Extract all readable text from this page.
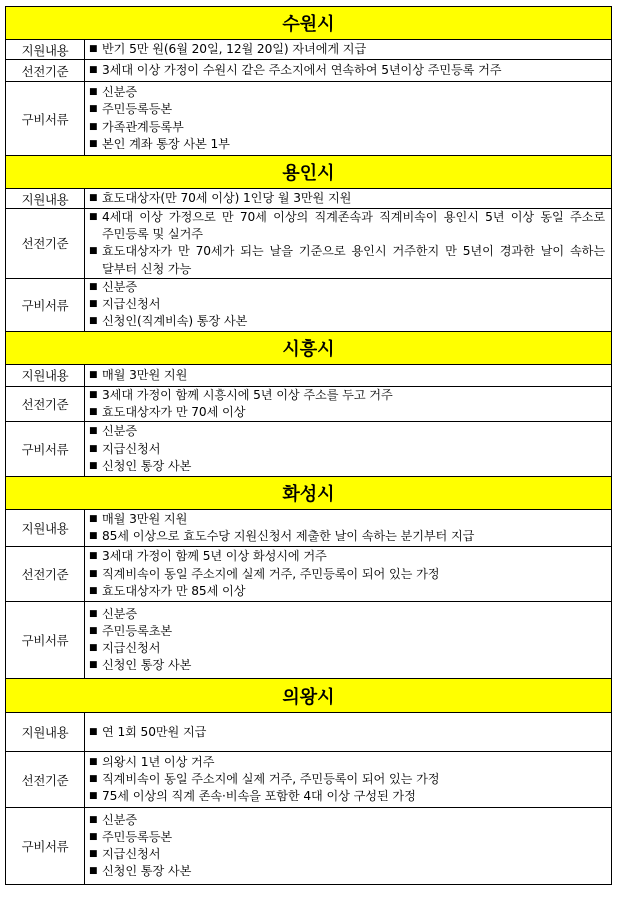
수원시	
지원내용	■ 반기 5만 원(6월 20일, 12월 20일) 자녀에게 지급

선전기준	■ 3세대 이상 가정이 수원시 같은 주소지에서 연속하여 5년이상 주민등록 거주

구비서류	■ 신분증
■ 주민등록등본
■ 가족관계등록부
■ 본인 계좌 통장 사본 1부

용인시	
지원내용	■ 효도대상자(만 70세 이상) 1인당 월 3만원 지원

선전기준	■ 4세대 이상 가정으로 만 70세 이상의 직계존속과 직계비속이 용인시 5년 이상 동일 주소로 주민등록 및 실거주
■ 효도대상자가 만 70세가 되는 날을 기준으로 용인시 거주한지 만 5년이 경과한 날이 속하는 달부터 신청 가능

구비서류	■ 신분증
■ 지급신청서
■ 신청인(직계비속) 통장 사본

시흥시	
지원내용	■ 매월 3만원 지원

선전기준	■ 3세대 가정이 함께 시흥시에 5년 이상 주소를 두고 거주
■ 효도대상자가 만 70세 이상

구비서류	■ 신분증
■ 지급신청서
■ 신청인 통장 사본

화성시	
지원내용	■ 매월 3만원 지원
■ 85세 이상으로 효도수당 지원신청서 제출한 날이 속하는 분기부터 지급

선전기준	■ 3세대 가정이 함께 5년 이상 화성시에 거주
■ 직계비속이 동일 주소지에 실제 거주, 주민등록이 되어 있는 가정
■ 효도대상자가 만 85세 이상

구비서류	■ 신분증
■ 주민등록초본
■ 지급신청서
■ 신청인 통장 사본

의왕시	
지원내용	■ 연 1회 50만원 지급

선전기준	■ 의왕시 1년 이상 거주
■ 직계비속이 동일 주소지에 실제 거주, 주민등록이 되어 있는 가정
■ 75세 이상의 직계 존속·비속을 포함한 4대 이상 구성된 가정

구비서류	■ 신분증
■ 주민등록등본
■ 지급신청서
■ 신청인 통장 사본
